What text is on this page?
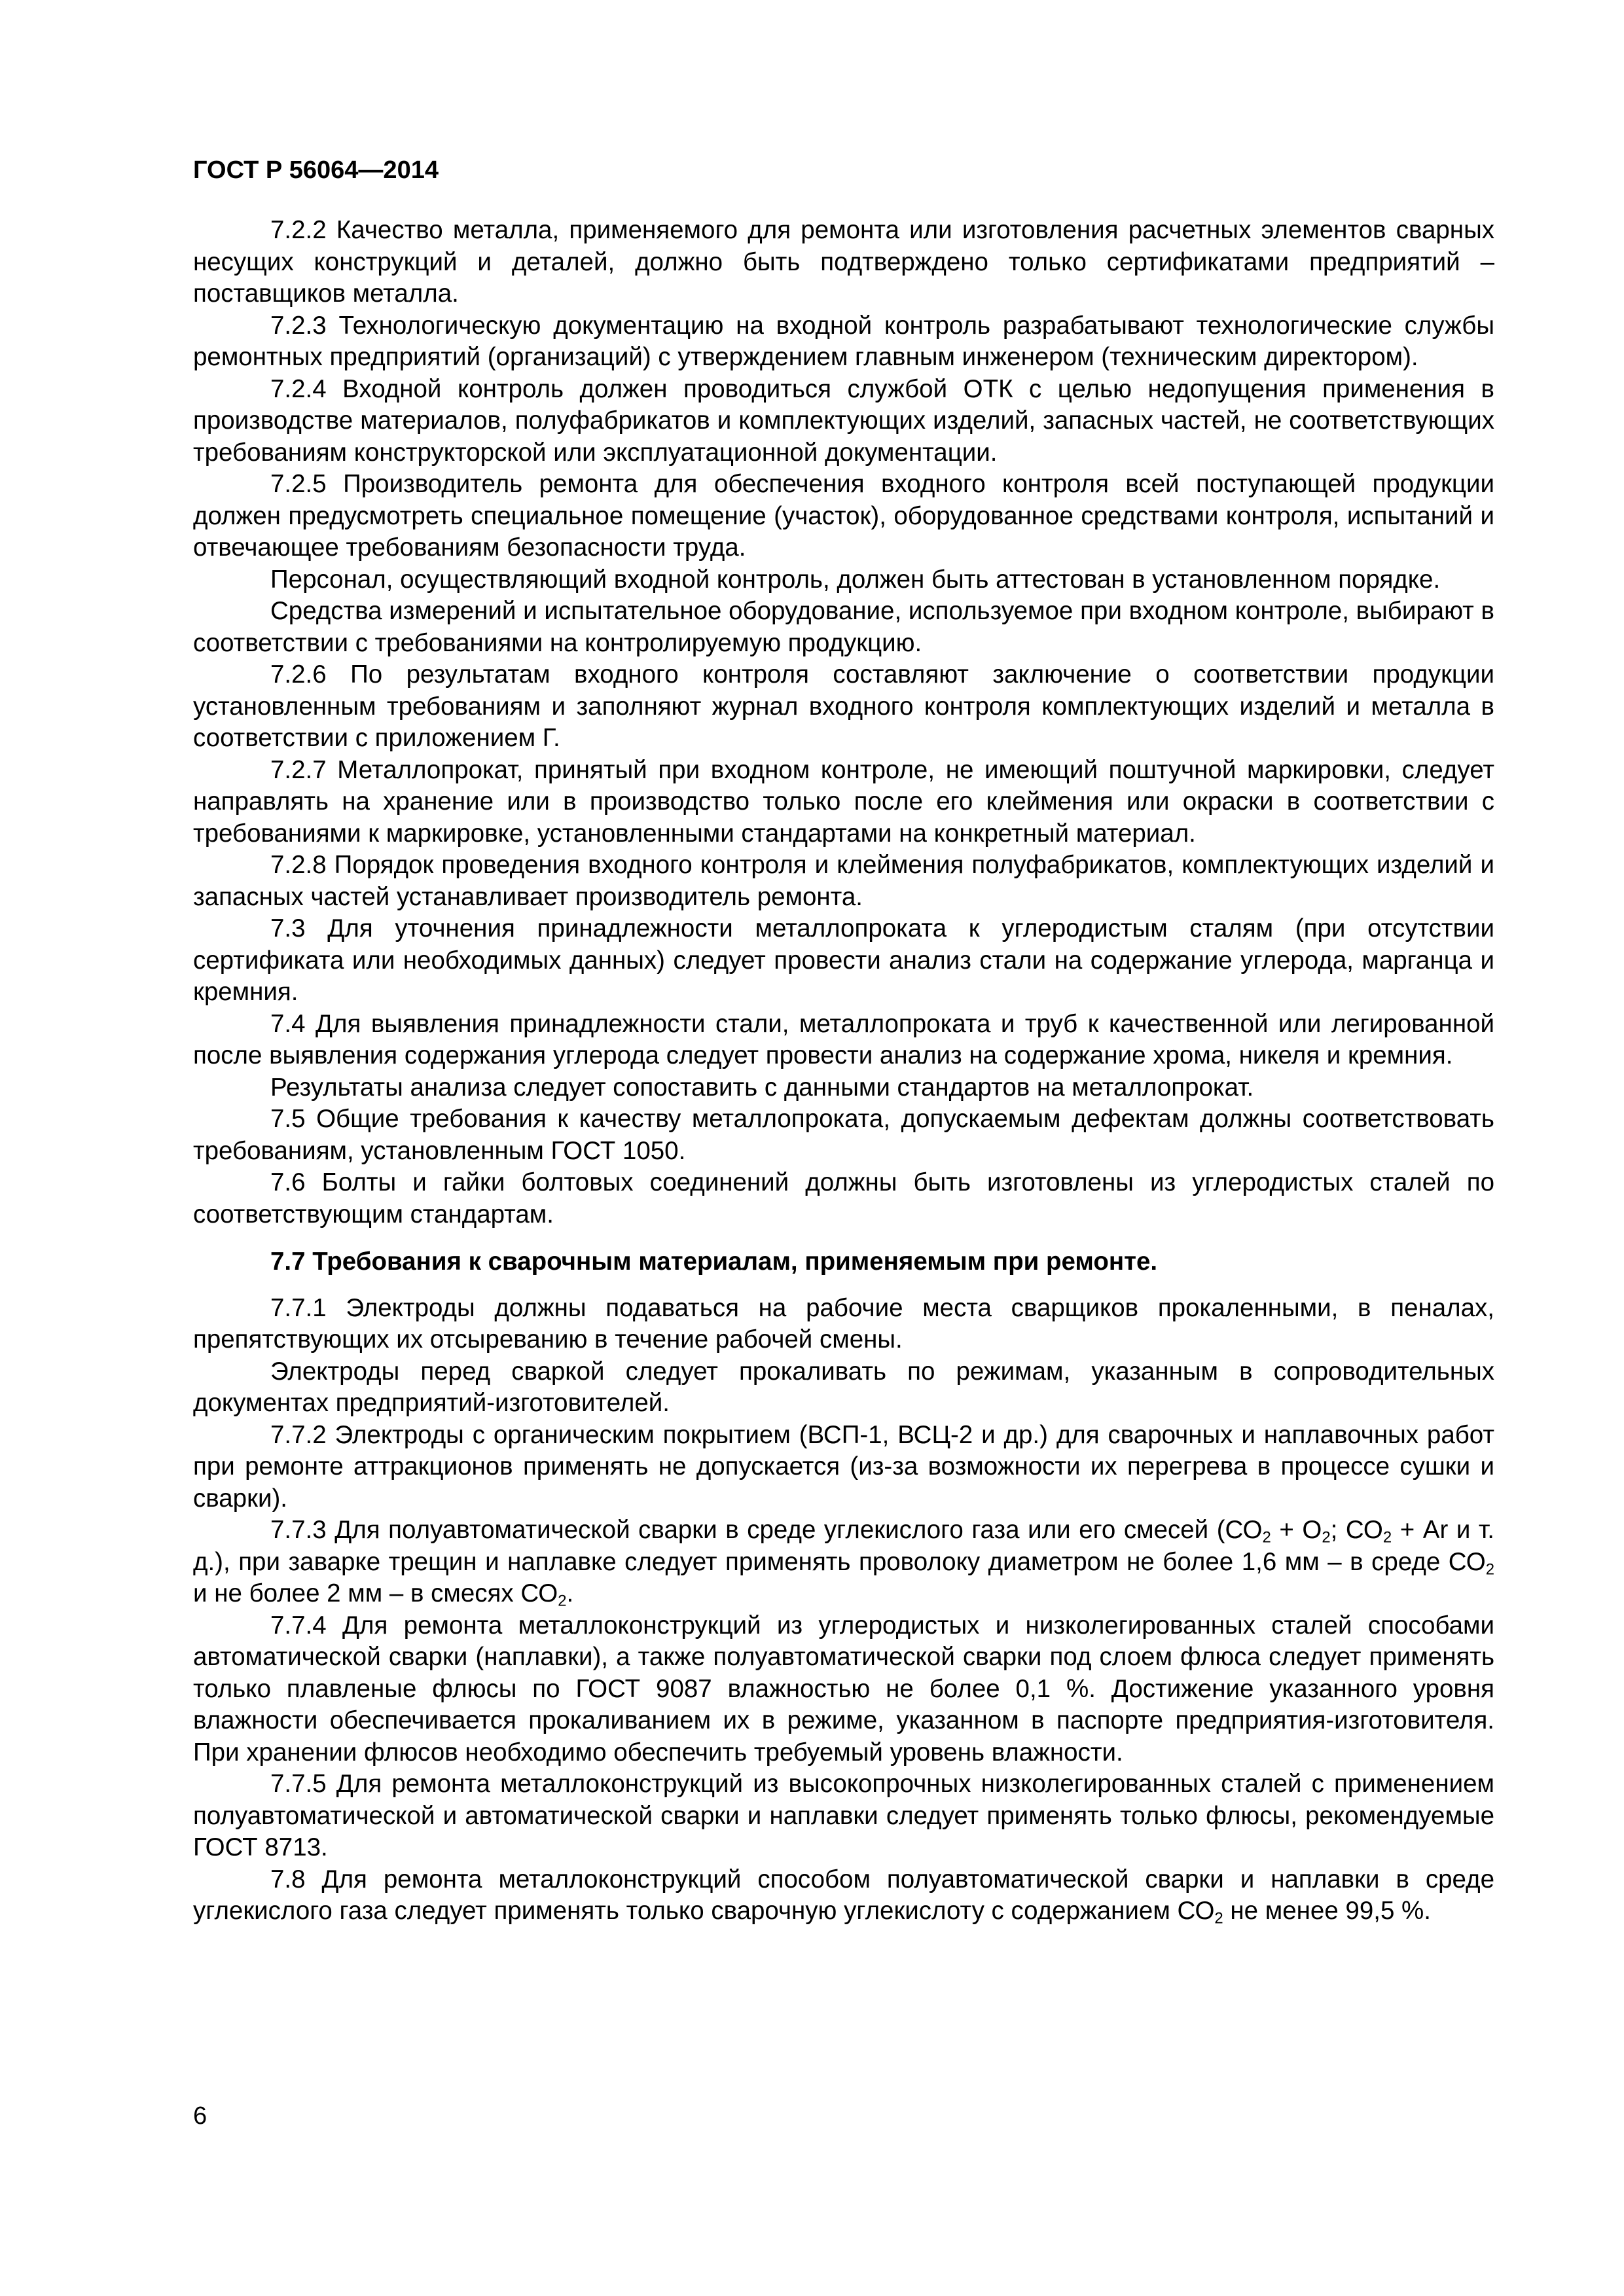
ГОСТ Р 56064—2014

7.2.2 Качество металла, применяемого для ремонта или изготовления расчетных элементов сварных несущих конструкций и деталей, должно быть подтверждено только сертификатами предприятий – поставщиков металла.

7.2.3 Технологическую документацию на входной контроль разрабатывают технологические службы ремонтных предприятий (организаций) с утверждением главным инженером (техническим директором).

7.2.4 Входной контроль должен проводиться службой ОТК с целью недопущения применения в производстве материалов, полуфабрикатов и комплектующих изделий, запасных частей, не соответствующих требованиям конструкторской или эксплуатационной документации.

7.2.5 Производитель ремонта для обеспечения входного контроля всей поступающей продукции должен предусмотреть специальное помещение (участок), оборудованное средствами контроля, испытаний и отвечающее требованиям безопасности труда.

Персонал, осуществляющий входной контроль, должен быть аттестован в установленном порядке.

Средства измерений и испытательное оборудование, используемое при входном контроле, выбирают в соответствии с требованиями на контролируемую продукцию.

7.2.6 По результатам входного контроля составляют заключение о соответствии продукции установленным требованиям и заполняют журнал входного контроля комплектующих изделий и металла в соответствии с приложением Г.

7.2.7 Металлопрокат, принятый при входном контроле, не имеющий поштучной маркировки, следует направлять на хранение или в производство только после его клеймения или окраски в соответствии с требованиями к маркировке, установленными стандартами на конкретный материал.

7.2.8 Порядок проведения входного контроля и клеймения полуфабрикатов, комплектующих изделий и запасных частей устанавливает производитель ремонта.

7.3 Для уточнения принадлежности металлопроката к углеродистым сталям (при отсутствии сертификата или необходимых данных) следует провести анализ стали на содержание углерода, марганца и кремния.

7.4 Для выявления принадлежности стали, металлопроката и труб к качественной или легированной после выявления содержания углерода следует провести анализ на содержание хрома, никеля и кремния.

Результаты анализа следует сопоставить с данными стандартов на металлопрокат.

7.5 Общие требования к качеству металлопроката, допускаемым дефектам должны соответствовать требованиям, установленным ГОСТ 1050.

7.6 Болты и гайки болтовых соединений должны быть изготовлены из углеродистых сталей по соответствующим стандартам.

7.7 Требования к сварочным материалам, применяемым при ремонте.

7.7.1 Электроды должны подаваться на рабочие места сварщиков прокаленными, в пеналах, препятствующих их отсыреванию в течение рабочей смены.

Электроды перед сваркой следует прокаливать по режимам, указанным в сопроводительных документах предприятий-изготовителей.

7.7.2 Электроды с органическим покрытием (ВСП-1, ВСЦ-2 и др.) для сварочных и наплавочных работ при ремонте аттракционов применять не допускается (из-за возможности их перегрева в процессе сушки и сварки).

7.7.3 Для полуавтоматической сварки в среде углекислого газа или его смесей ($СО_2 + О_2$; $СО_2 + Ar$ и т. д.), при заварке трещин и наплавке следует применять проволоку диаметром не более 1,6 мм – в среде $СО_2$ и не более 2 мм – в смесях $СО_2$.

7.7.4 Для ремонта металлоконструкций из углеродистых и низколегированных сталей способами автоматической сварки (наплавки), а также полуавтоматической сварки под слоем флюса следует применять только плавленые флюсы по ГОСТ 9087 влажностью не более 0,1 %. Достижение указанного уровня влажности обеспечивается прокаливанием их в режиме, указанном в паспорте предприятия-изготовителя. При хранении флюсов необходимо обеспечить требуемый уровень влажности.

7.7.5 Для ремонта металлоконструкций из высокопрочных низколегированных сталей с применением полуавтоматической и автоматической сварки и наплавки следует применять только флюсы, рекомендуемые ГОСТ 8713.

7.8 Для ремонта металлоконструкций способом полуавтоматической сварки и наплавки в среде углекислого газа следует применять только сварочную углекислоту с содержанием $СО_2$ не менее 99,5 %.

6
